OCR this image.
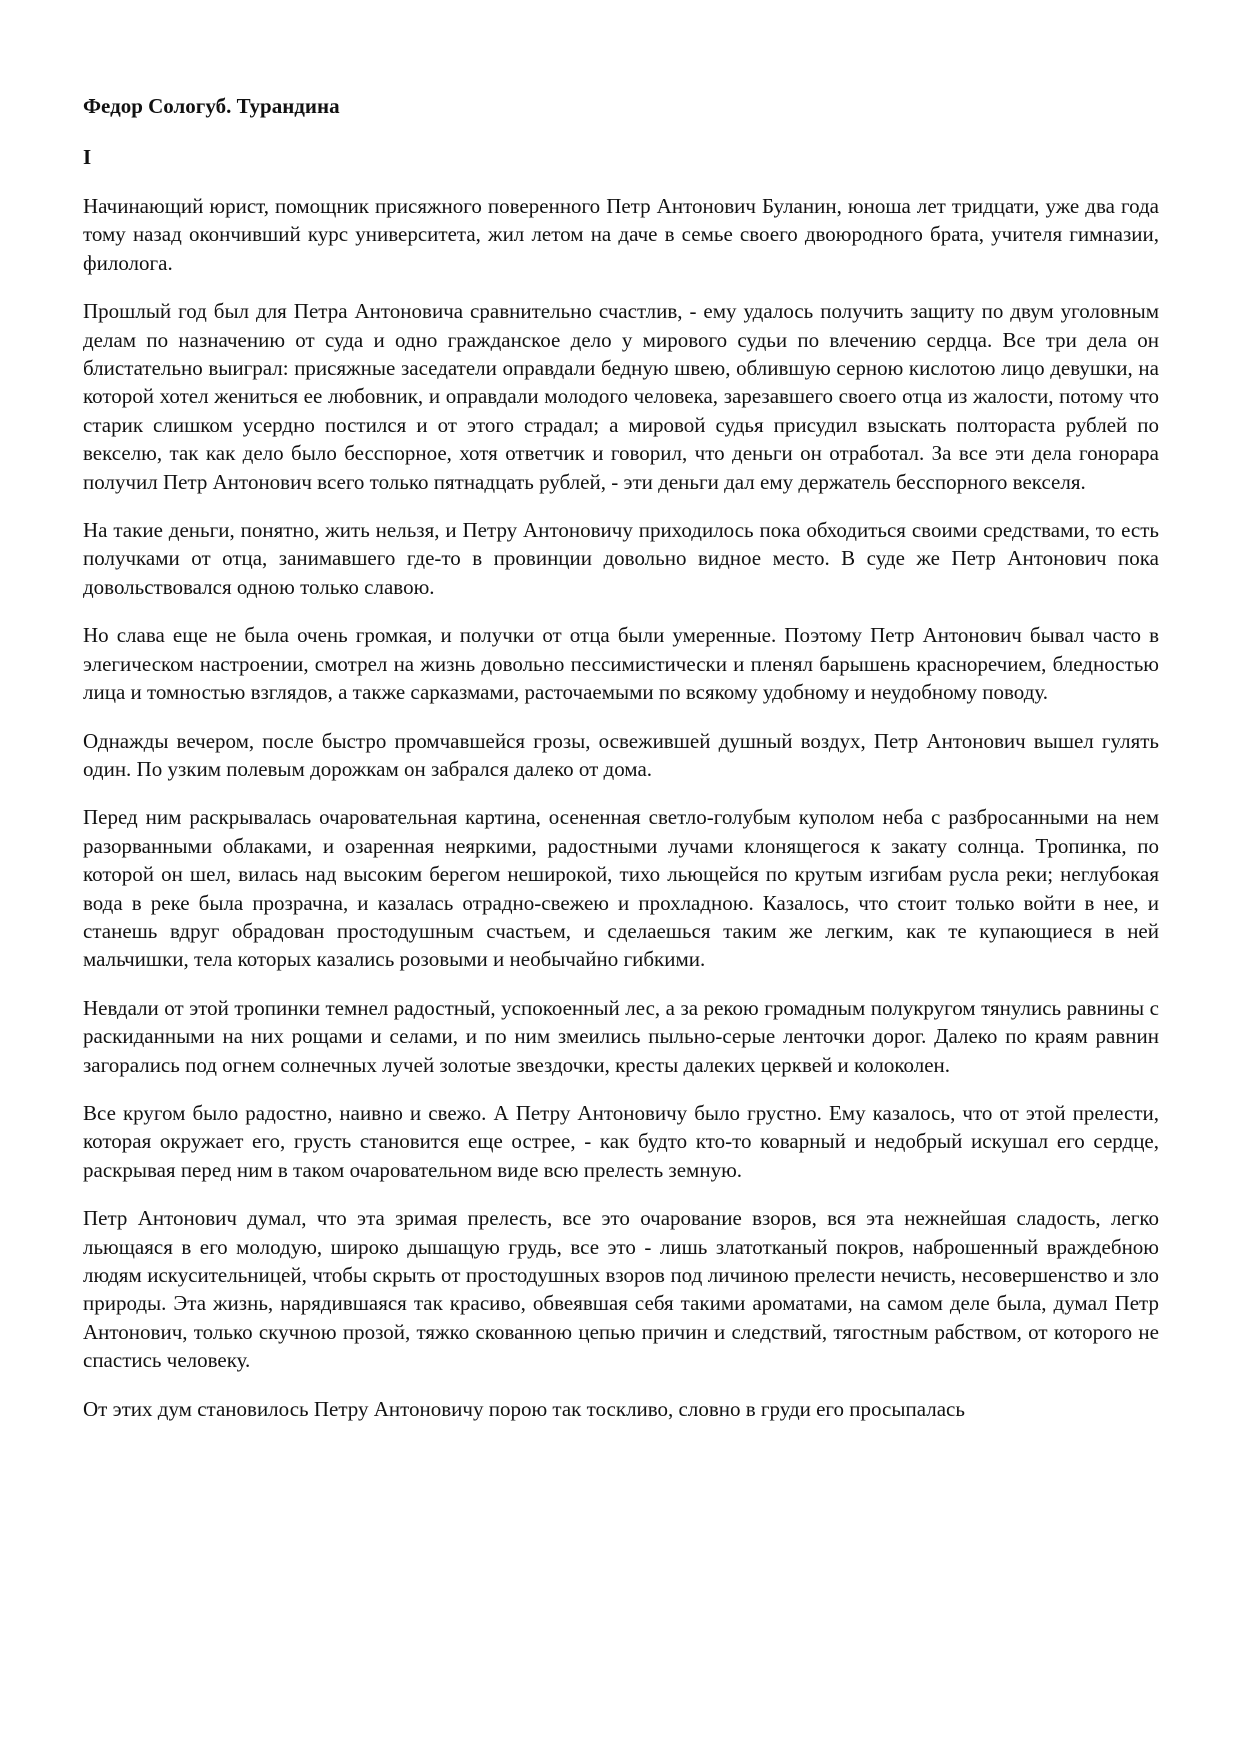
Федор Сологуб. Турандина
I

Начинающий юрист, помощник присяжного поверенного Петр Антонович Буланин, юноша лет тридцати, уже два года тому назад окончивший курс университета, жил летом на даче в семье своего двоюродного брата, учителя гимназии, филолога.

Прошлый год был для Петра Антоновича сравнительно счастлив, - ему удалось получить защиту по двум уголовным делам по назначению от суда и одно гражданское дело у мирового судьи по влечению сердца. Все три дела он блистательно выиграл: присяжные заседатели оправдали бедную швею, облившую серною кислотою лицо девушки, на которой хотел жениться ее любовник, и оправдали молодого человека, зарезавшего своего отца из жалости, потому что старик слишком усердно постился и от этого страдал; а мировой судья присудил взыскать полтораста рублей по векселю, так как дело было бесспорное, хотя ответчик и говорил, что деньги он отработал. За все эти дела гонорара получил Петр Антонович всего только пятнадцать рублей, - эти деньги дал ему держатель бесспорного векселя.

На такие деньги, понятно, жить нельзя, и Петру Антоновичу приходилось пока обходиться своими средствами, то есть получками от отца, занимавшего где-то в провинции довольно видное место. В суде же Петр Антонович пока довольствовался одною только славою.

Но слава еще не была очень громкая, и получки от отца были умеренные. Поэтому Петр Антонович бывал часто в элегическом настроении, смотрел на жизнь довольно пессимистически и пленял барышень красноречием, бледностью лица и томностью взглядов, а также сарказмами, расточаемыми по всякому удобному и неудобному поводу.

Однажды вечером, после быстро промчавшейся грозы, освежившей душный воздух, Петр Антонович вышел гулять один. По узким полевым дорожкам он забрался далеко от дома.

Перед ним раскрывалась очаровательная картина, осененная светло-голубым куполом неба с разбросанными на нем разорванными облаками, и озаренная неяркими, радостными лучами клонящегося к закату солнца. Тропинка, по которой он шел, вилась над высоким берегом неширокой, тихо льющейся по крутым изгибам русла реки; неглубокая вода в реке была прозрачна, и казалась отрадно-свежею и прохладною. Казалось, что стоит только войти в нее, и станешь вдруг обрадован простодушным счастьем, и сделаешься таким же легким, как те купающиеся в ней мальчишки, тела которых казались розовыми и необычайно гибкими.

Невдали от этой тропинки темнел радостный, успокоенный лес, а за рекою громадным полукругом тянулись равнины с раскиданными на них рощами и селами, и по ним змеились пыльно-серые ленточки дорог. Далеко по краям равнин загорались под огнем солнечных лучей золотые звездочки, кресты далеких церквей и колоколен.

Все кругом было радостно, наивно и свежо. А Петру Антоновичу было грустно. Ему казалось, что от этой прелести, которая окружает его, грусть становится еще острее, - как будто кто-то коварный и недобрый искушал его сердце, раскрывая перед ним в таком очаровательном виде всю прелесть земную.

Петр Антонович думал, что эта зримая прелесть, все это очарование взоров, вся эта нежнейшая сладость, легко льющаяся в его молодую, широко дышащую грудь, все это - лишь златотканый покров, наброшенный враждебною людям искусительницей, чтобы скрыть от простодушных взоров под личиною прелести нечисть, несовершенство и зло природы. Эта жизнь, нарядившаяся так красиво, обвеявшая себя такими ароматами, на самом деле была, думал Петр Антонович, только скучною прозой, тяжко скованною цепью причин и следствий, тягостным рабством, от которого не спастись человеку.

От этих дум становилось Петру Антоновичу порою так тоскливо, словно в груди его просыпалась
